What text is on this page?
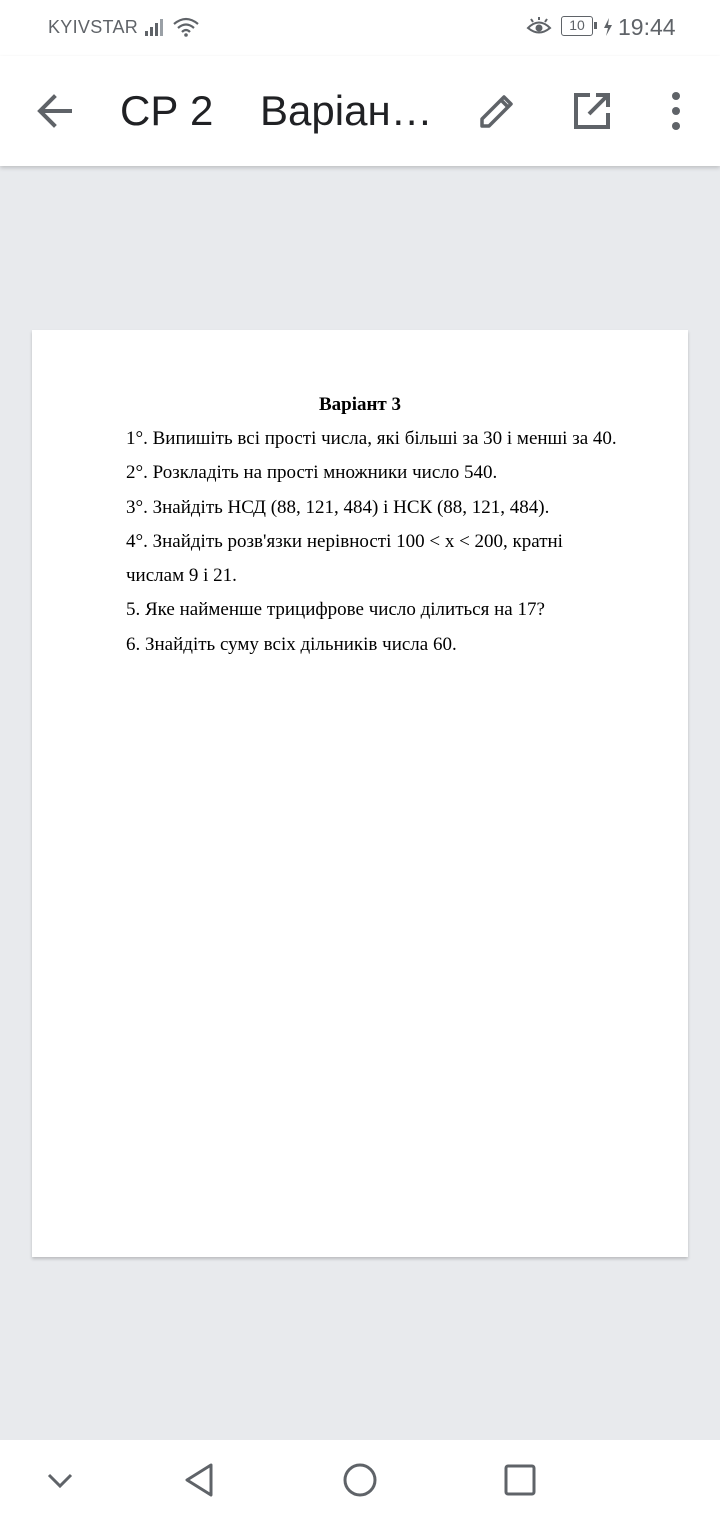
KYIVSTAR	10	19:44
СР 2    Варіан…
Варіант 3
1°. Випишіть всі прості числа, які більші за 30 і менші за 40.
2°. Розкладіть на прості множники число 540.
3°. Знайдіть НСД (88, 121, 484) і НСК (88, 121, 484).
4°. Знайдіть розв'язки нерівності 100 < x < 200, кратні
числам 9 і 21.
5. Яке найменше трицифрове число ділиться на 17?
6. Знайдіть суму всіх дільників числа 60.
